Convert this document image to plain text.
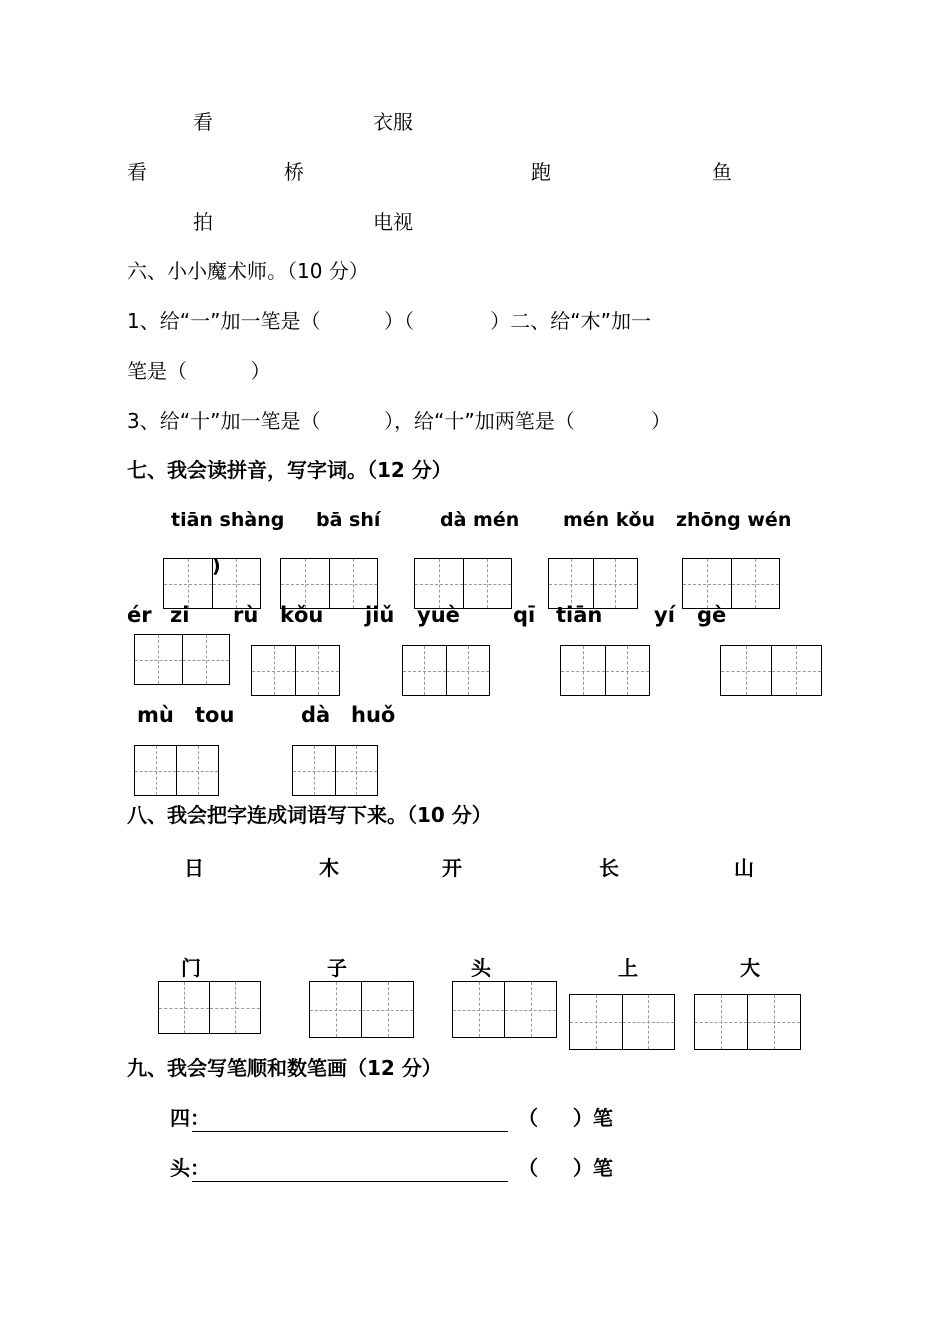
看	衣服
看	桥	跑	鱼
拍	电视
六、小小魔术师。（10 分）
1、给“一”加一笔是（          ）（            ）二、给“木”加一
笔是（          ）
3、给“十”加一笔是（          ），给“十”加两笔是（            ）
七、我会读拼音，写字词。（12 分）
tiān shàng bā shí	dà mén mén kǒu zhōng wén
)
ér zi rù kǒu jiǔ yuè	qī tiān yí gè
mù tou	dà huǒ
八、我会把字连成词语写下来。（10 分）
日	木	开	长	山
门	子	头	上	大
九、我会写笔顺和数笔画（12 分）
四：	（     ）笔
头：	（     ）笔
